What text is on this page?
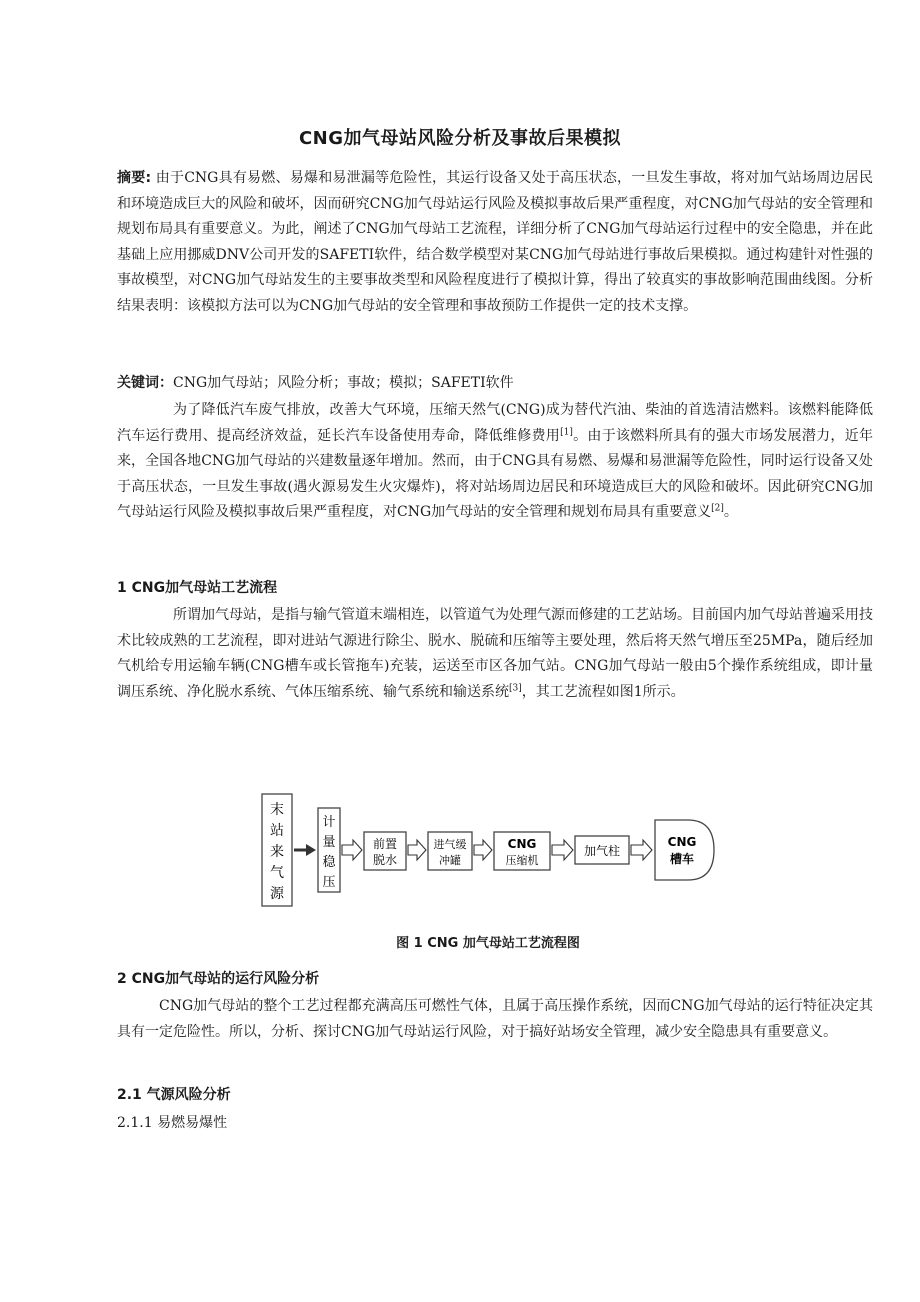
CNG加气母站风险分析及事故后果模拟
摘要: 由于CNG具有易燃、易爆和易泄漏等危险性，其运行设备又处于高压状态，一旦发生事故，将对加气站场周边居民和环境造成巨大的风险和破坏，因而研究CNG加气母站运行风险及模拟事故后果严重程度，对CNG加气母站的安全管理和规划布局具有重要意义。为此，阐述了CNG加气母站工艺流程，详细分析了CNG加气母站运行过程中的安全隐患，并在此基础上应用挪威DNV公司开发的SAFETI软件，结合数学模型对某CNG加气母站进行事故后果模拟。通过构建针对性强的事故模型，对CNG加气母站发生的主要事故类型和风险程度进行了模拟计算，得出了较真实的事故影响范围曲线图。分析结果表明：该模拟方法可以为CNG加气母站的安全管理和事故预防工作提供一定的技术支撑。
关键词：CNG加气母站；风险分析；事故；模拟；SAFETI软件
为了降低汽车废气排放，改善大气环境，压缩天然气(CNG)成为替代汽油、柴油的首选清洁燃料。该燃料能降低汽车运行费用、提高经济效益，延长汽车设备使用寿命，降低维修费用[1]。由于该燃料所具有的强大市场发展潜力，近年来，全国各地CNG加气母站的兴建数量逐年增加。然而，由于CNG具有易燃、易爆和易泄漏等危险性，同时运行设备又处于高压状态，一旦发生事故(遇火源易发生火灾爆炸)，将对站场周边居民和环境造成巨大的风险和破坏。因此研究CNG加气母站运行风险及模拟事故后果严重程度，对CNG加气母站的安全管理和规划布局具有重要意义[2]。
1 CNG加气母站工艺流程
所谓加气母站，是指与输气管道末端相连，以管道气为处理气源而修建的工艺站场。目前国内加气母站普遍采用技术比较成熟的工艺流程，即对进站气源进行除尘、脱水、脱硫和压缩等主要处理，然后将天然气增压至25MPa，随后经加气机给专用运输车辆(CNG槽车或长管拖车)充装，运送至市区各加气站。CNG加气母站一般由5个操作系统组成，即计量调压系统、净化脱水系统、气体压缩系统、输气系统和输送系统[3]，其工艺流程如图1所示。
末
站
来
气
源
计
量
稳
压
前置
脱水
进气缓
冲罐
CNG
压缩机
加气柱
CNG
槽车
图 1 CNG 加气母站工艺流程图
2 CNG加气母站的运行风险分析
CNG加气母站的整个工艺过程都充满高压可燃性气体，且属于高压操作系统，因而CNG加气母站的运行特征决定其具有一定危险性。所以，分析、探讨CNG加气母站运行风险，对于搞好站场安全管理，减少安全隐患具有重要意义。
2.1 气源风险分析
2.1.1 易燃易爆性
